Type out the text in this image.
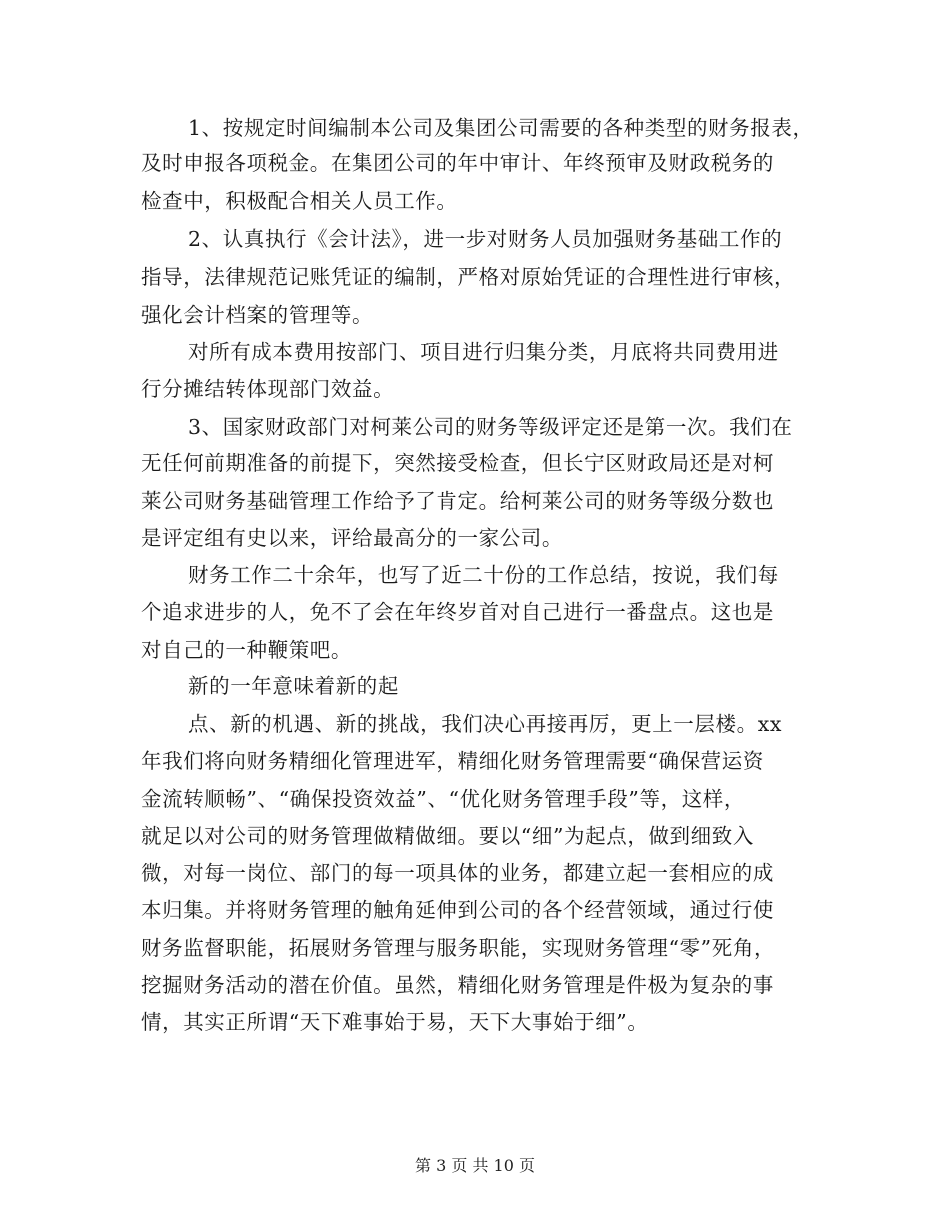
1、按规定时间编制本公司及集团公司需要的各种类型的财务报表，
及时申报各项税金。在集团公司的年中审计、年终预审及财政税务的
检查中，积极配合相关人员工作。
2、认真执行《会计法》，进一步对财务人员加强财务基础工作的
指导，法律规范记账凭证的编制，严格对原始凭证的合理性进行审核，
强化会计档案的管理等。
对所有成本费用按部门、项目进行归集分类，月底将共同费用进
行分摊结转体现部门效益。
3、国家财政部门对柯莱公司的财务等级评定还是第一次。我们在
无任何前期准备的前提下，突然接受检查，但长宁区财政局还是对柯
莱公司财务基础管理工作给予了肯定。给柯莱公司的财务等级分数也
是评定组有史以来，评给最高分的一家公司。
财务工作二十余年，也写了近二十份的工作总结，按说，我们每
个追求进步的人，免不了会在年终岁首对自己进行一番盘点。这也是
对自己的一种鞭策吧。
新的一年意味着新的起
点、新的机遇、新的挑战，我们决心再接再厉，更上一层楼。xx
年我们将向财务精细化管理进军，精细化财务管理需要“确保营运资
金流转顺畅”、“确保投资效益”、“优化财务管理手段”等，这样，
就足以对公司的财务管理做精做细。要以“细”为起点，做到细致入
微，对每一岗位、部门的每一项具体的业务，都建立起一套相应的成
本归集。并将财务管理的触角延伸到公司的各个经营领域，通过行使
财务监督职能，拓展财务管理与服务职能，实现财务管理“零”死角，
挖掘财务活动的潜在价值。虽然，精细化财务管理是件极为复杂的事
情，其实正所谓“天下难事始于易，天下大事始于细”。
第 3 页 共 10 页
